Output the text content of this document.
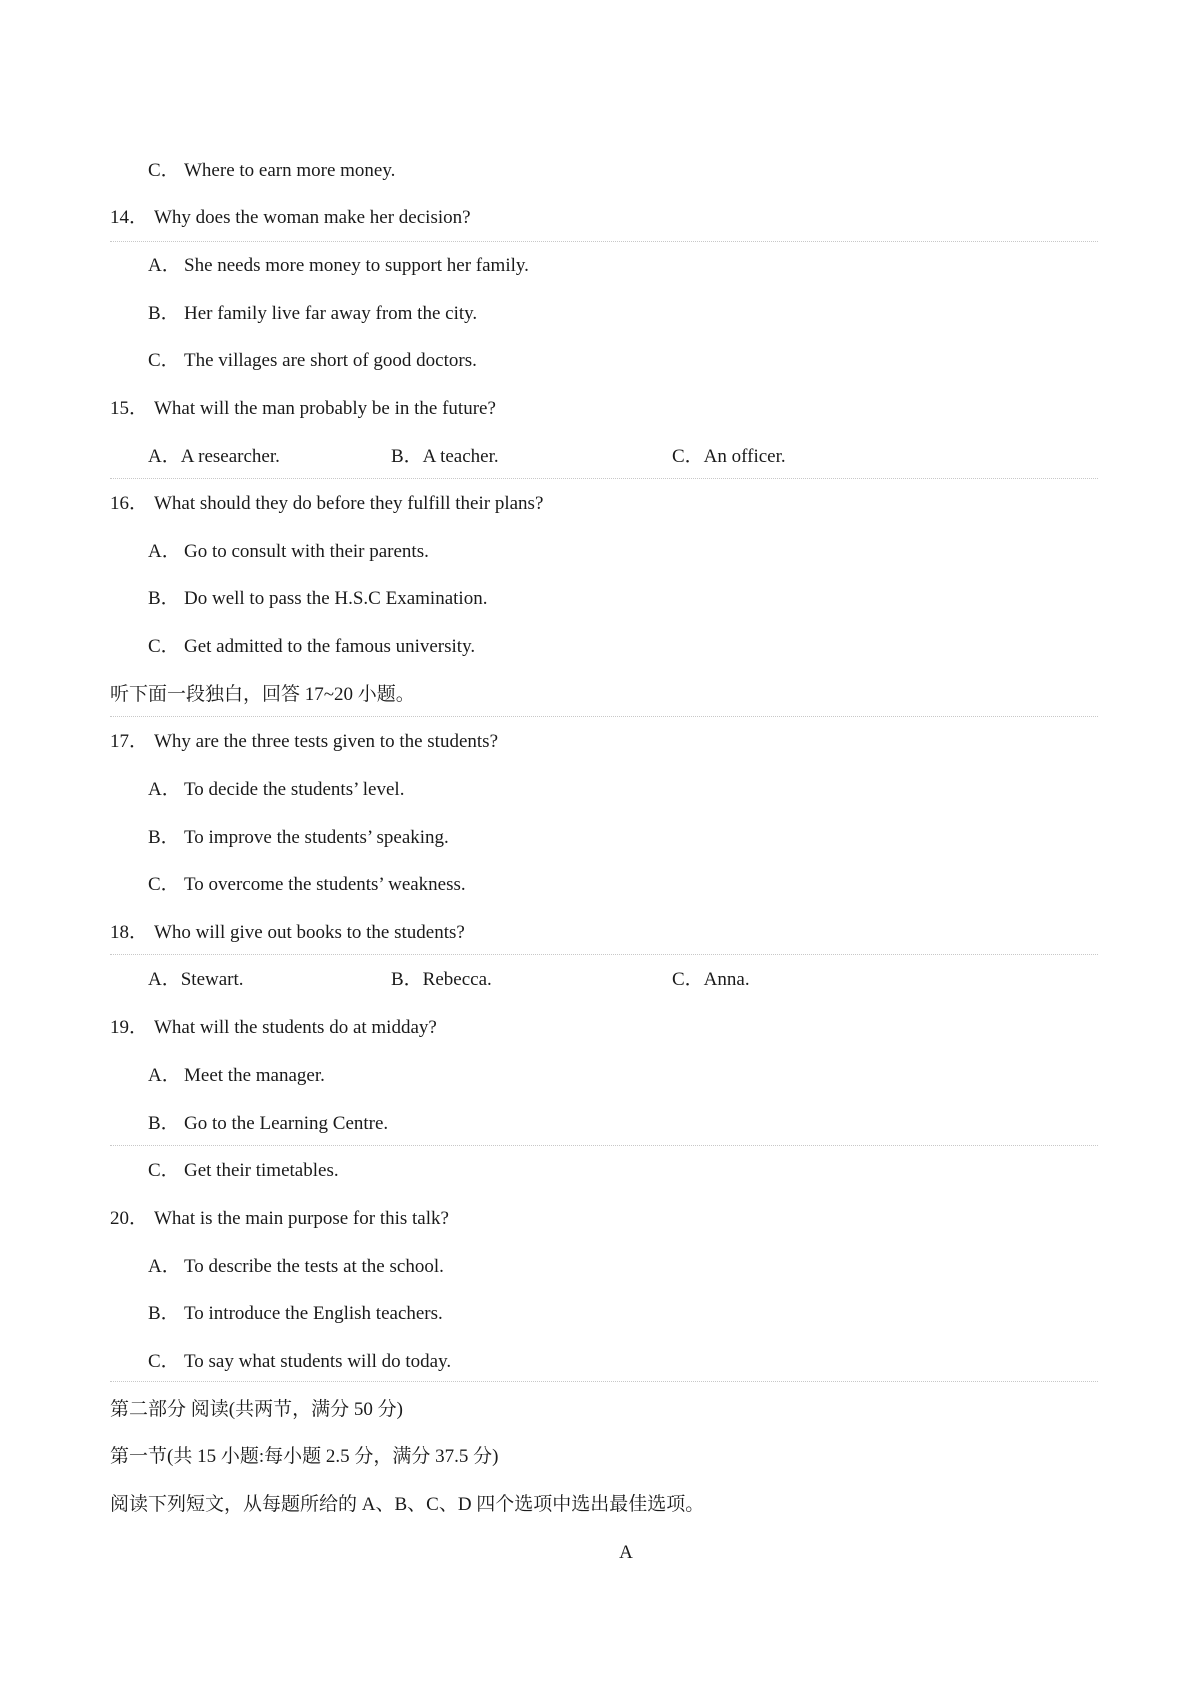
C． Where to earn more money.
14． Why does the woman make her decision?
A． She needs more money to support her family.
B． Her family live far away from the city.
C． The villages are short of good doctors.
15． What will the man probably be in the future?
16． What should they do before they fulfill their plans?
A． Go to consult with their parents.
B． Do well to pass the H.S.C Examination.
C． Get admitted to the famous university.
听下面一段独白，回答 17~20 小题。
17． Why are the three tests given to the students?
A． To decide the students’ level.
B． To improve the students’ speaking.
C． To overcome the students’ weakness.
18． Who will give out books to the students?
19． What will the students do at midday?
A． Meet the manager.
B． Go to the Learning Centre.
C． Get their timetables.
20． What is the main purpose for this talk?
A． To describe the tests at the school.
B． To introduce the English teachers.
C． To say what students will do today.
第二部分 阅读(共两节，满分 50 分)
第一节(共 15 小题:每小题 2.5 分，满分 37.5 分)
阅读下列短文，从每题所给的 A、B、C、D 四个选项中选出最佳选项。
A
A．A researcher.	B．A teacher.	C．An officer.
A．Stewart.	B．Rebecca.	C．Anna.
